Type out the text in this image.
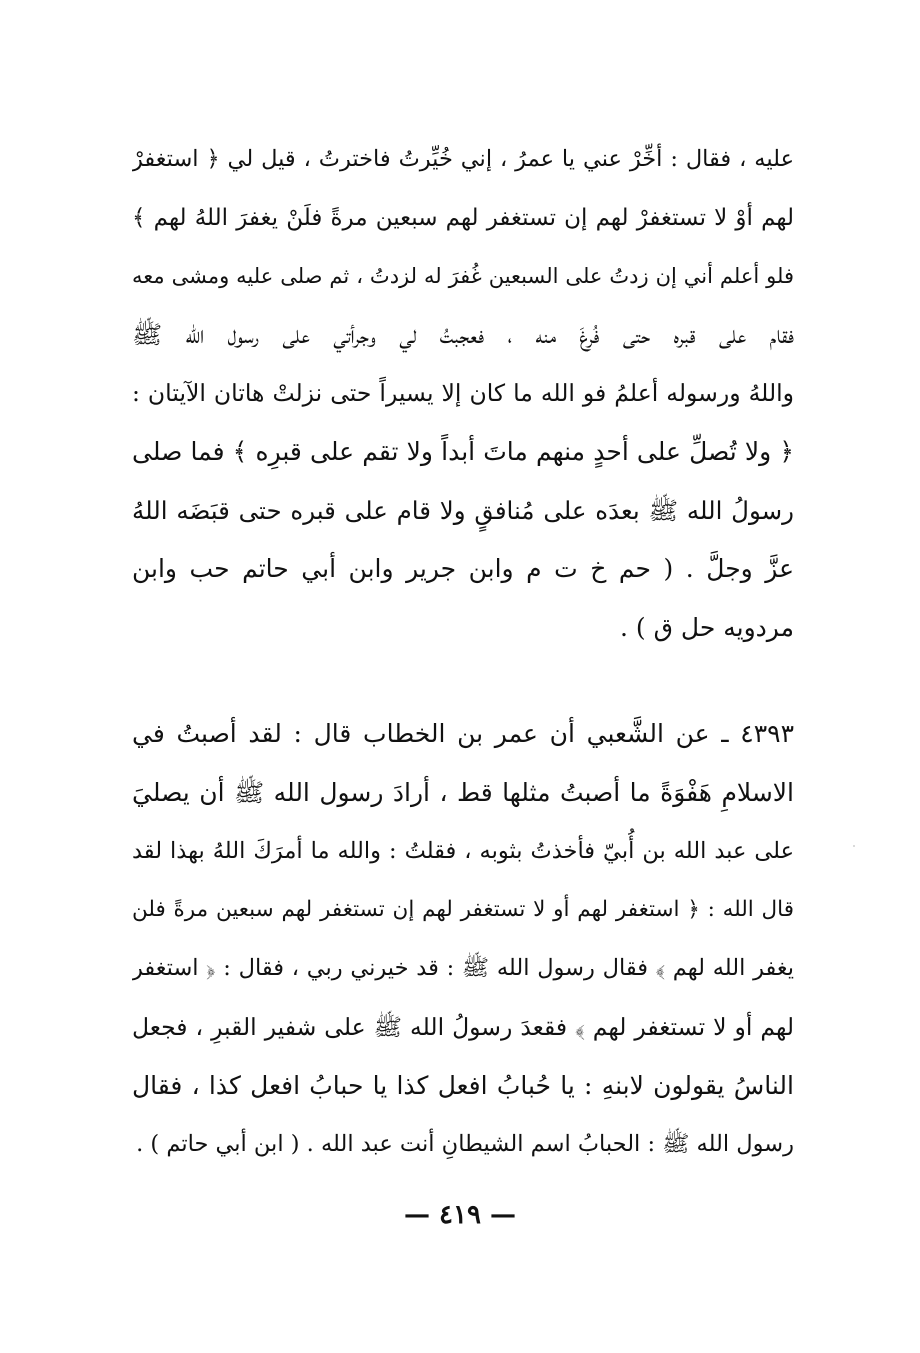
عليه ، فقال : أخِّرْ عني يا عمرُ ، إني خُيِّرتُ فاخترتُ ، قيل لي ﴿ استغفرْ
لهم أوْ لا تستغفرْ لهم إن تستغفر لهم سبعين مرةً فلَنْ يغفرَ اللهُ لهم ﴾
فلو أعلم أني إن زدتُ على السبعين غُفرَ له لزدتُ ، ثم صلى عليه ومشى معه
فقام على قبره حتى فُرغَ منه ، فعجبتُ لي وجرأتي على رسول الله ﷺ
واللهُ ورسوله أعلمُ فو الله ما كان إلا يسيراً حتى نزلتْ هاتان الآيتان :
﴿ ولا تُصلِّ على أحدٍ منهم ماتَ أبداً ولا تقم على قبرِه ﴾ فما صلى
رسولُ الله ﷺ بعدَه على مُنافقٍ ولا قام على قبره حتى قبَضَه اللهُ
عزَّ وجلَّ . ( حم خ ت م وابن جرير وابن أبي حاتم حب وابن
مردويه حل ق ) .
٤٣٩٣ ـ عن الشَّعبي أن عمر بن الخطاب قال : لقد أصبتُ في
الاسلامِ هَفْوَةً ما أصبتُ مثلها قط ، أرادَ رسول الله ﷺ أن يصليَ
على عبد الله بن أُبيّ فأخذتُ بثوبه ، فقلتُ : والله ما أمرَكَ اللهُ بهذا لقد
قال الله : ﴿ استغفر لهم أو لا تستغفر لهم إن تستغفر لهم سبعين مرةً فلن
يغفر الله لهم ﴾ فقال رسول الله ﷺ : قد خيرني ربي ، فقال : ﴿ استغفر
لهم أو لا تستغفر لهم ﴾ فقعدَ رسولُ الله ﷺ على شفير القبرِ ، فجعل
الناسُ يقولون لابنهِ : يا حُبابُ افعل كذا يا حبابُ افعل كذا ، فقال
رسول الله ﷺ : الحبابُ اسم الشيطانِ أنت عبد الله . ( ابن أبي حاتم ) .
— ٤١٩ —
